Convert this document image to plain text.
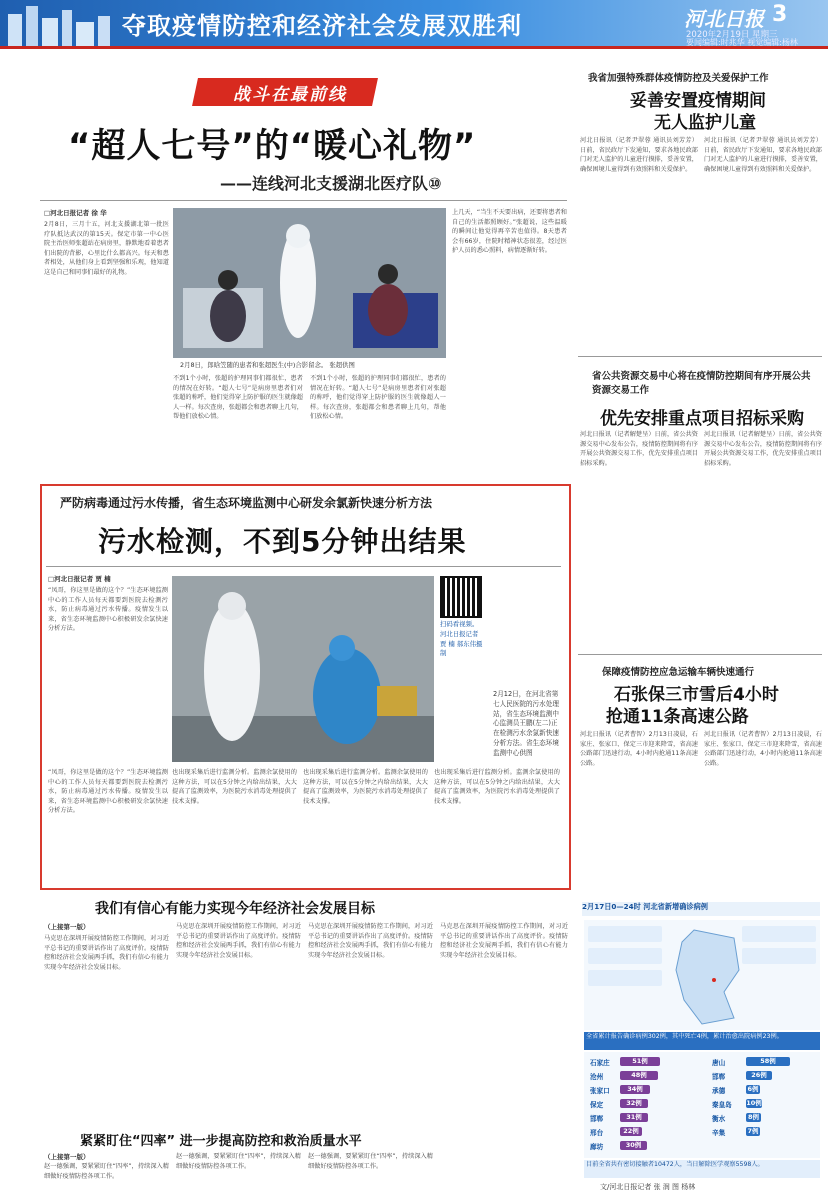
夺取疫情防控和经济社会发展双胜利	河北日报 3
2020年2月19日 星期三
要闻编辑:时兆华 视觉编辑:杨林
战斗在最前线
“超人七号”的“暖心礼物”
——连线河北支援湖北医疗队⑩
□河北日报记者 徐 华
2月8日，三月十五，河北支援湖北第一批医疗队抵达武汉的第15天。保定市第一中心医院主治医师张超站在病房里，静默地看着患者们出院的背影，心里比什么都高兴。每天和患者相处，从他们身上看到坚强和乐观，他知道这是自己和同事们最好的礼物。
2月8日，郎晗笠随的患者和张超医生(中)合影留念。 张超供图
不到1个小时，张超的护理同事们都很忙，患者的情况在好转。“超人七号”是病房里患者们对张超的称呼，他们觉得穿上防护服的医生就像超人一样。每次查房，张超都会和患者聊上几句，帮他们放松心情。
不到1个小时，张超的护理同事们都很忙，患者的情况在好转。“超人七号”是病房里患者们对张超的称呼，他们觉得穿上防护服的医生就像超人一样。每次查房，张超都会和患者聊上几句，帮他们放松心情。
上几天，“当生不天要出病，还要将患者和自己的生活都照顾好。”张超说，这些温暖的瞬间让他觉得再辛苦也值得。8天患者会有66岁，住院时精神状态很差，经过医护人员的悉心照料，病情逐渐好转。
严防病毒通过污水传播，省生态环境监测中心研发余氯新快速分析方法
污水检测，不到5分钟出结果
□河北日报记者 贾 楠
“凤哥，你这里是做的这个？”生态环境监测中心的工作人员每天都要到医院去检测污水，防止病毒通过污水传播。疫情发生以来，省生态环境监测中心积极研发余氯快速分析方法。
扫码看视频。河北日报记者 贾 楠 郝东伟摄制
2月12日，在河北省第七人民医院的污水处理站，省生态环境监测中心监测员王鹏(左二)正在检测污水余氯新快速分析方法。省生态环境监测中心供图
“凤哥，你这里是做的这个？”生态环境监测中心的工作人员每天都要到医院去检测污水，防止病毒通过污水传播。疫情发生以来，省生态环境监测中心积极研发余氯快速分析方法。
也出现采集后进行监测分析。监测余氯使用的这种方法，可以在5分钟之内给出结果，大大提高了监测效率，为医院污水消毒处理提供了技术支撑。
也出现采集后进行监测分析。监测余氯使用的这种方法，可以在5分钟之内给出结果，大大提高了监测效率，为医院污水消毒处理提供了技术支撑。
也出现采集后进行监测分析。监测余氯使用的这种方法，可以在5分钟之内给出结果，大大提高了监测效率，为医院污水消毒处理提供了技术支撑。
我省加强特殊群体疫情防控及关爱保护工作
妥善安置疫情期间
无人监护儿童
河北日报讯（记者尹翠蓉 通讯员刘芳芳）日前，省民政厅下发通知，要求各地民政部门对无人监护的儿童进行摸排，妥善安置，确保困境儿童得到有效照料和关爱保护。
河北日报讯（记者尹翠蓉 通讯员刘芳芳）日前，省民政厅下发通知，要求各地民政部门对无人监护的儿童进行摸排，妥善安置，确保困境儿童得到有效照料和关爱保护。
省公共资源交易中心将在疫情防控期间有序开展公共资源交易工作
优先安排重点项目招标采购
河北日报讯（记者解楚呈）日前，省公共资源交易中心发布公告，疫情防控期间将有序开展公共资源交易工作，优先安排重点项目招标采购。
河北日报讯（记者解楚呈）日前，省公共资源交易中心发布公告，疫情防控期间将有序开展公共资源交易工作，优先安排重点项目招标采购。
保障疫情防控应急运输车辆快速通行
石张保三市雪后4小时
抢通11条高速公路
河北日报讯（记者曹智）2月13日凌晨，石家庄、张家口、保定三市迎来降雪，省高速公路部门迅速行动，4小时内抢通11条高速公路。
河北日报讯（记者曹智）2月13日凌晨，石家庄、张家口、保定三市迎来降雪，省高速公路部门迅速行动，4小时内抢通11条高速公路。
我们有信心有能力实现今年经济社会发展目标
（上接第一版）
马克思在深圳开展疫情防控工作期间，对习近平总书记的重要讲话作出了高度评价。疫情防控和经济社会发展两手抓，我们有信心有能力实现今年经济社会发展目标。
马克思在深圳开展疫情防控工作期间，对习近平总书记的重要讲话作出了高度评价。疫情防控和经济社会发展两手抓，我们有信心有能力实现今年经济社会发展目标。
马克思在深圳开展疫情防控工作期间，对习近平总书记的重要讲话作出了高度评价。疫情防控和经济社会发展两手抓，我们有信心有能力实现今年经济社会发展目标。
马克思在深圳开展疫情防控工作期间，对习近平总书记的重要讲话作出了高度评价。疫情防控和经济社会发展两手抓，我们有信心有能力实现今年经济社会发展目标。
紧紧盯住“四率” 进一步提高防控和救治质量水平
（上接第一版）
赵一德强调，要紧紧盯住“四率”，持续深入精细做好疫情防控各项工作。
赵一德强调，要紧紧盯住“四率”，持续深入精细做好疫情防控各项工作。
赵一德强调，要紧紧盯住“四率”，持续深入精细做好疫情防控各项工作。
2月17日0—24时 河北省新增确诊病例
全省累计报告确诊病例302例，其中死亡4例，累计治愈出院病例23例。
石家庄	51例
沧州	48例
张家口	34例
保定	32例
邯郸	31例
邢台	22例
廊坊	30例
唐山	58例
邯郸	26例
承德	6例
秦皇岛 10例
衡水	8例
辛集	7例
目前全省共有密切接触者10472人，当日解除医学观察5598人。
文/河北日报记者 张 润 图 杨林
